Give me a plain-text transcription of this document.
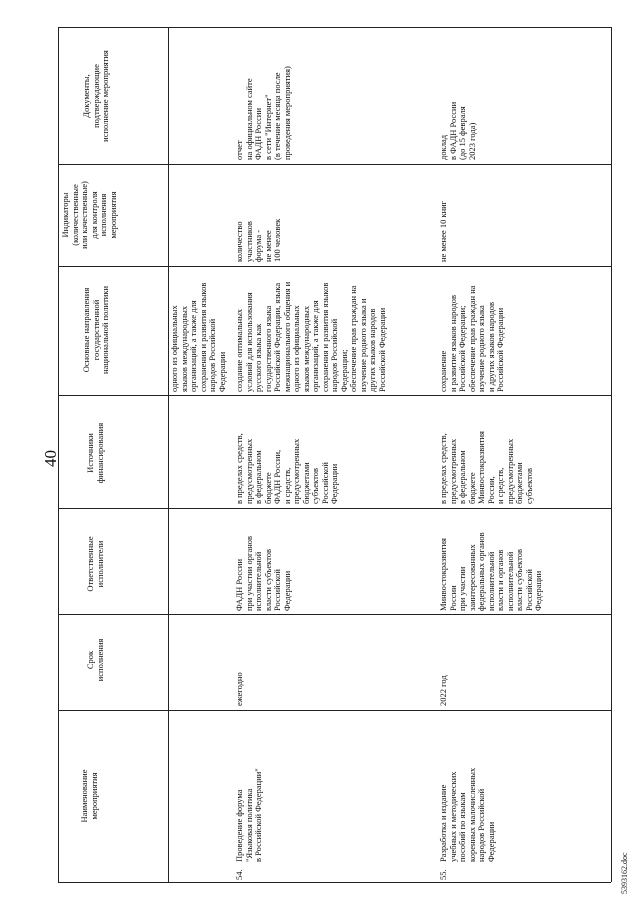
40
5393162.doc
Наименование мероприятия
Срок
исполнения
Ответственные
исполнители
Источники
финансирования
Основные направления
государственной
национальной политики
Индикаторы
(количественные
или качественные)
для контроля
исполнения
мероприятия
Документы,
подтверждающие
исполнение мероприятия
одного из официальных
языков международных
организаций, а также для
сохранения и развития языков
народов Российской
Федерации
54.
Проведение форума
"Языковая политика
в Российской Федерации"
ежегодно
ФАДН России
при участии органов
исполнительной
власти субъектов
Российской
Федерации
в пределах средств,
предусмотренных
в федеральном
бюджете
ФАДН России,
и средств,
предусмотренных
бюджетами
субъектов
Российской
Федерации
создание оптимальных
условий для использования
русского языка как
государственного языка
Российской Федерации, языка
межнационального общения и
одного из официальных
языков международных
организаций, а также для
сохранения и развития языков
народов Российской
Федерации;
обеспечение прав граждан на
изучение родного языка и
других языков народов
Российской Федерации
количество
участников
форума -
не менее
100 человек
отчет
на официальном сайте
ФАДН России
в сети "Интернет"
(в течение месяца после
проведения мероприятия)
55.
Разработка и издание
учебных и методических
пособий по языкам
коренных малочисленных
народов Российской
Федерации
2022 год
Минвостокразвития
России
при участии
заинтересованных
федеральных органов
исполнительной
власти и органов
исполнительной
власти субъектов
Российской
Федерации
в пределах средств,
предусмотренных
в федеральном
бюджете
Минвостокразвития
России,
и средств,
предусмотренных
бюджетами
субъектов
сохранение
и развитие языков народов
Российской Федерации;
обеспечение прав граждан на
изучение родного языка
и других языков народов
Российской Федерации
не менее 10 книг
доклад
в ФАДН России
(до 15 февраля
2023 года)
